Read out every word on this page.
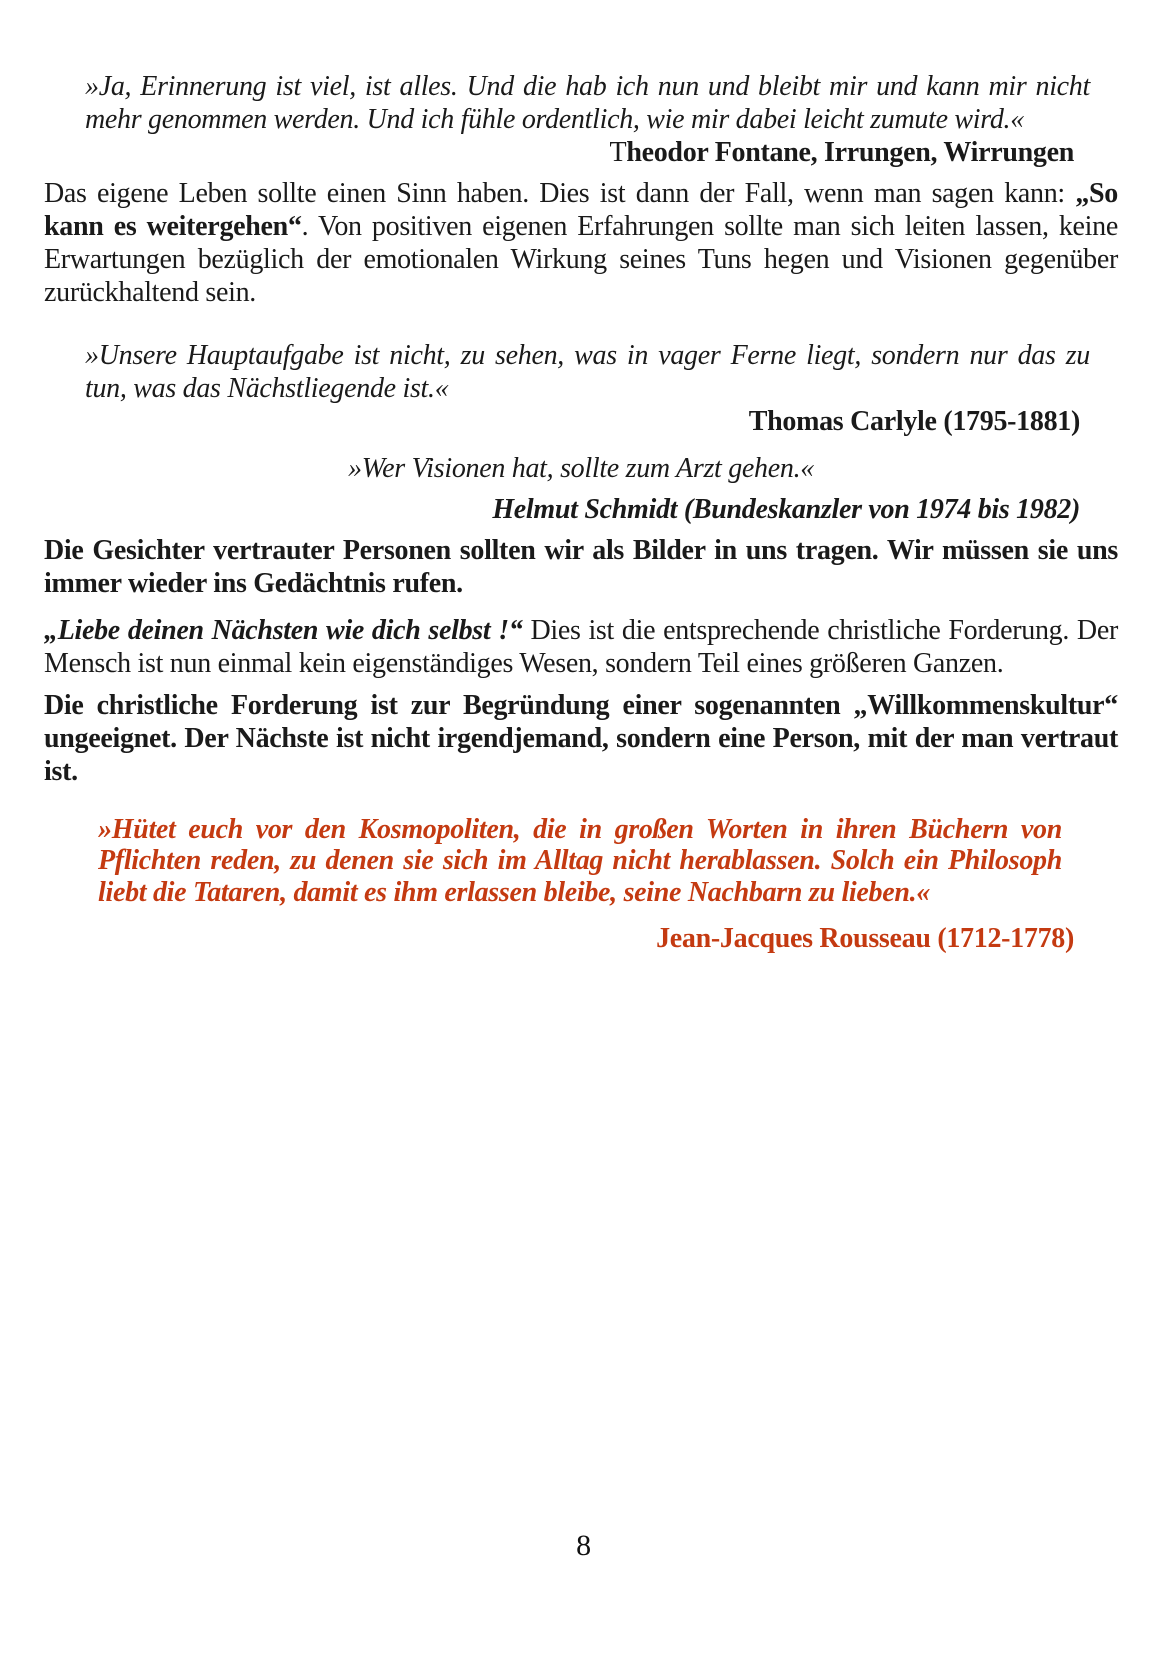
»Ja, Erinnerung ist viel, ist alles. Und die hab ich nun und bleibt mir und kann mir nicht mehr genommen werden. Und ich fühle ordentlich, wie mir dabei leicht zumute wird.«

Theodor Fontane, Irrungen, Wirrungen

Das eigene Leben sollte einen Sinn haben. Dies ist dann der Fall, wenn man sagen kann: „So kann es weitergehen“. Von positiven eigenen Erfahrungen sollte man sich leiten lassen, keine Erwartungen bezüglich der emotionalen Wirkung seines Tuns hegen und Visionen gegenüber zurückhaltend sein.

»Unsere Hauptaufgabe ist nicht, zu sehen, was in vager Ferne liegt, sondern nur das zu tun, was das Nächstliegende ist.«

Thomas Carlyle (1795-1881)

»Wer Visionen hat, sollte zum Arzt gehen.«

Helmut Schmidt (Bundeskanzler von 1974 bis 1982)

Die Gesichter vertrauter Personen sollten wir als Bilder in uns tragen. Wir müssen sie uns immer wieder ins Gedächtnis rufen.

„Liebe deinen Nächsten wie dich selbst !“ Dies ist die entsprechende christliche Forderung. Der Mensch ist nun einmal kein eigenständiges Wesen, sondern Teil eines größeren Ganzen.

Die christliche Forderung ist zur Begründung einer sogenannten „Willkommenskultur“ ungeeignet. Der Nächste ist nicht irgendjemand, sondern eine Person, mit der man vertraut ist.

»Hütet euch vor den Kosmopoliten, die in großen Worten in ihren Büchern von Pflichten reden, zu denen sie sich im Alltag nicht herablassen. Solch ein Philosoph liebt die Tataren, damit es ihm erlassen bleibe, seine Nachbarn zu lieben.«

Jean-Jacques Rousseau (1712-1778)

8
